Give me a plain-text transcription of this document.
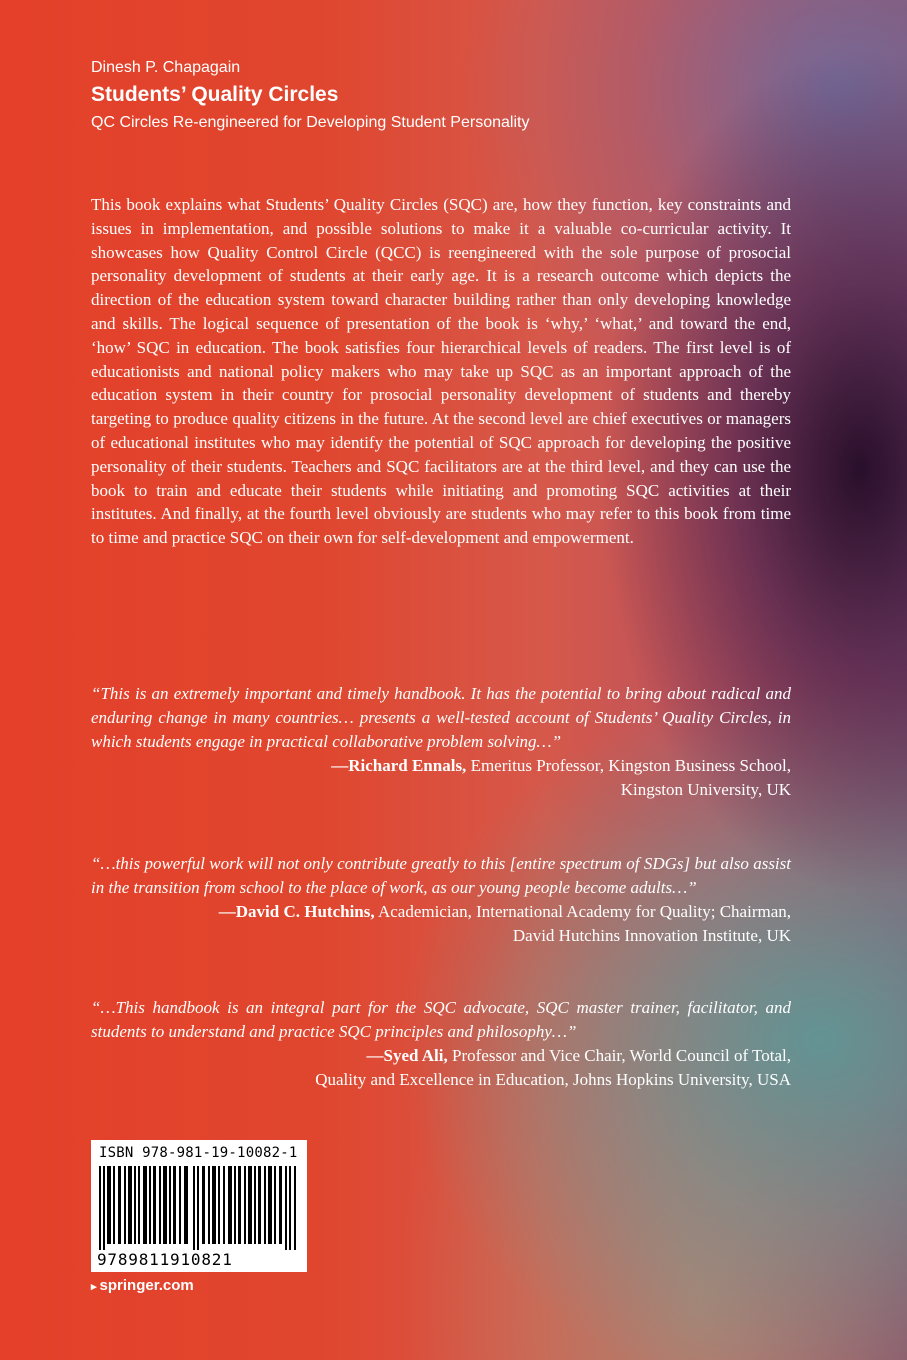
Dinesh P. Chapagain

Students’ Quality Circles

QC Circles Re-engineered for Developing Student Personality

This book explains what Students’ Quality Circles (SQC) are, how they function, key constraints and issues in implementation, and possible solutions to make it a valuable co-curricular activity. It showcases how Quality Control Circle (QCC) is reengineered with the sole purpose of prosocial personality development of students at their early age. It is a research outcome which depicts the direction of the education system toward character building rather than only developing knowledge and skills. The logical sequence of presentation of the book is ‘why,’ ‘what,’ and toward the end, ‘how’ SQC in education. The book satisfies four hierarchical levels of readers. The first level is of educationists and national policy makers who may take up SQC as an important approach of the education system in their country for prosocial personality development of students and thereby targeting to produce quality citizens in the future. At the second level are chief executives or managers of educational institutes who may identify the potential of SQC approach for developing the positive personality of their students. Teachers and SQC facilitators are at the third level, and they can use the book to train and educate their students while initiating and promoting SQC activities at their institutes. And finally, at the fourth level obviously are students who may refer to this book from time to time and practice SQC on their own for self-development and empowerment.

“This is an extremely important and timely handbook. It has the potential to bring about radical and enduring change in many countries… presents a well-tested account of Students’ Quality Circles, in which students engage in practical collaborative problem solving…”

—Richard Ennals, Emeritus Professor, Kingston Business School,

Kingston University, UK

“…this powerful work will not only contribute greatly to this [entire spectrum of SDGs] but also assist in the transition from school to the place of work, as our young people become adults…”

—David C. Hutchins, Academician, International Academy for Quality; Chairman,

David Hutchins Innovation Institute, UK

“…This handbook is an integral part for the SQC advocate, SQC master trainer, facilitator, and students to understand and practice SQC principles and philosophy…”

—Syed Ali, Professor and Vice Chair, World Council of Total,

Quality and Excellence in Education, Johns Hopkins University, USA

ISBN 978-981-19-10082-1

9789811910821

▸ springer.com
